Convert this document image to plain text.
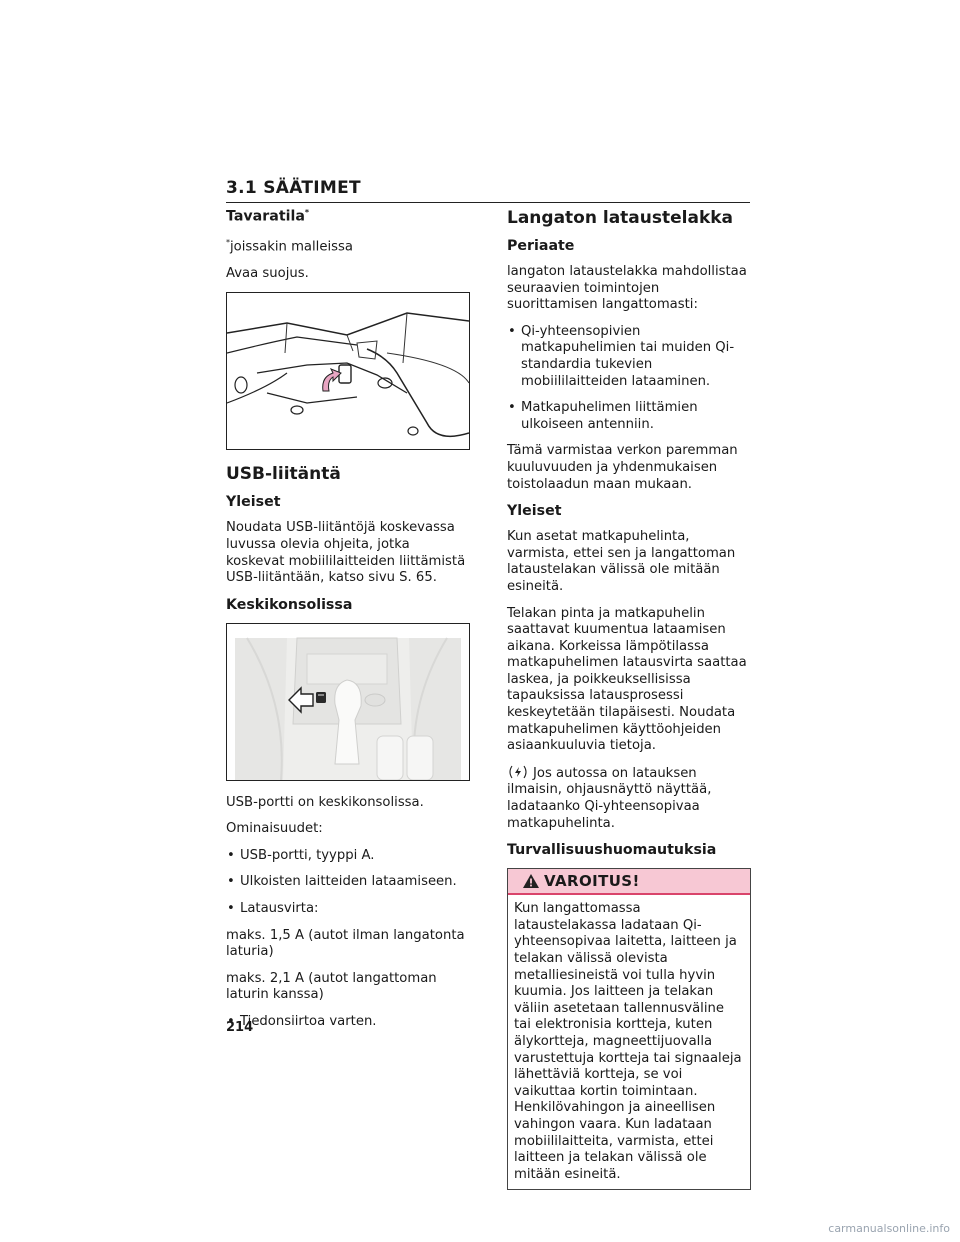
3.1 SÄÄTIMET
Tavaratila*

*joissakin malleissa

Avaa suojus.

USB-liitäntä
Yleiset

Noudata USB-liitäntöjä koskevassa luvussa olevia ohjeita, jotka koskevat mobiililaitteiden liittämistä USB-liitäntään, katso sivu S. 65.

Keskikonsolissa

USB-portti on keskikonsolissa.

Ominaisuudet:

• USB-portti, tyyppi A.

• Ulkoisten laitteiden lataamiseen.

• Latausvirta:

maks. 1,5 A (autot ilman langatonta laturia)

maks. 2,1 A (autot langattoman laturin kanssa)

• Tiedonsiirtoa varten.

Langaton lataustelakka
Periaate

langaton lataustelakka mahdollistaa seuraavien toimintojen suorittamisen langattomasti:

• Qi-yhteensopivien matkapuhelimien tai muiden Qi-standardia tukevien mobiililaitteiden lataaminen.

• Matkapuhelimen liittämien ulkoiseen antenniin.

Tämä varmistaa verkon paremman kuuluvuuden ja yhdenmukaisen toistolaadun maan mukaan.

Yleiset

Kun asetat matkapuhelinta, varmista, ettei sen ja langattoman lataustelakan välissä ole mitään esineitä.

Telakan pinta ja matkapuhelin saattavat kuumentua lataamisen aikana. Korkeissa lämpötilassa matkapuhelimen latausvirta saattaa laskea, ja poikkeuksellisissa tapauksissa latausprosessi keskeytetään tilapäisesti. Noudata matkapuhelimen käyttöohjeiden asiaankuuluvia tietoja.

Jos autossa on latauksen ilmaisin, ohjausnäyttö näyttää, ladataanko Qi-yhteensopivaa matkapuhelinta.

Turvallisuushuomautuksia
VAROITUS!

Kun langattomassa lataustelakassa ladataan Qi-yhteensopivaa laitetta, laitteen ja telakan välissä olevista metalliesineistä voi tulla hyvin kuumia. Jos laitteen ja telakan väliin asetetaan tallennusväline tai elektronisia kortteja, kuten älykortteja, magneettijuovalla varustettuja kortteja tai signaaleja lähettäviä kortteja, se voi vaikuttaa kortin toimintaan. Henkilövahingon ja aineellisen vahingon vaara. Kun ladataan mobiililaitteita, varmista, ettei laitteen ja telakan välissä ole mitään esineitä.

214
carmanualsonline.info
